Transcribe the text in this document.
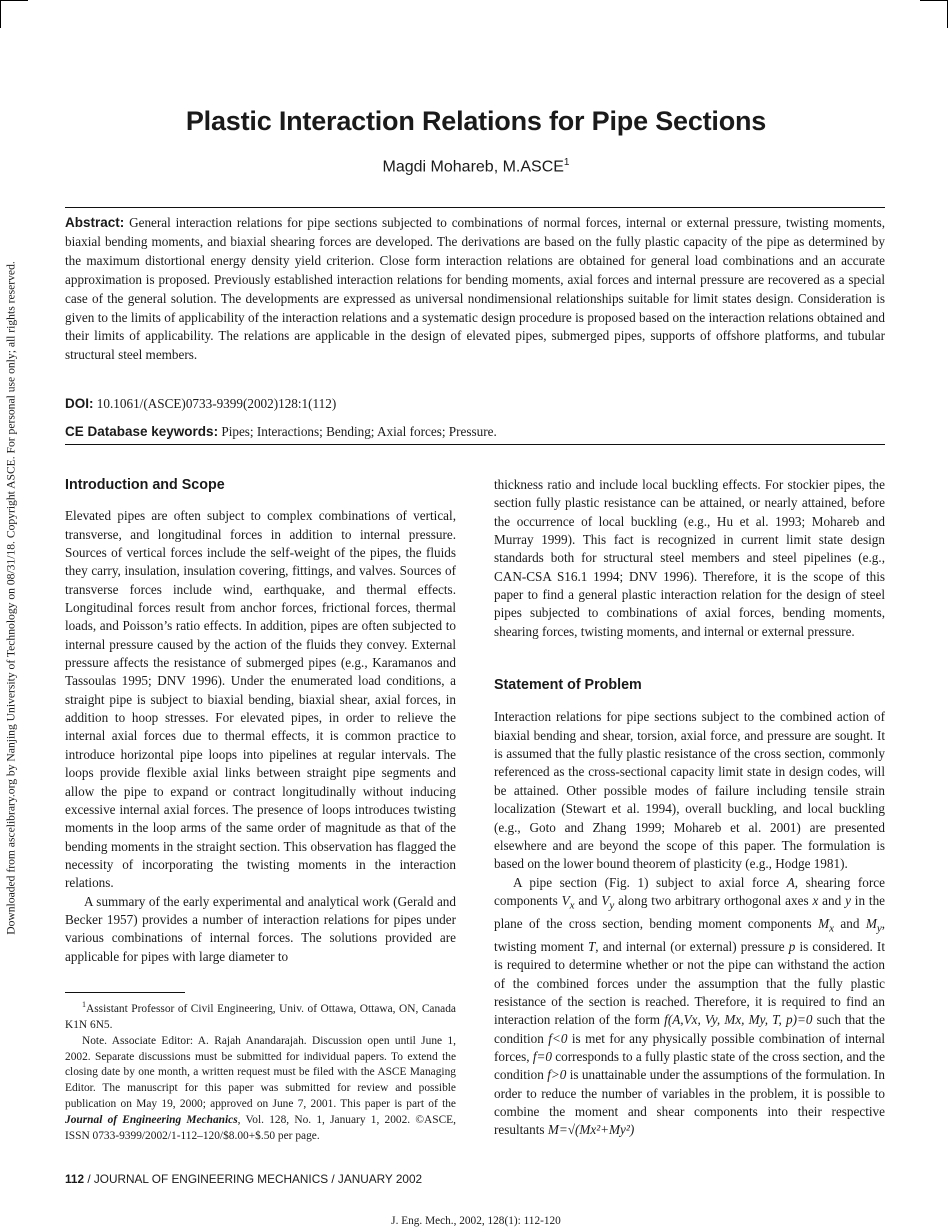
Plastic Interaction Relations for Pipe Sections
Magdi Mohareb, M.ASCE$^1$

Abstract: General interaction relations for pipe sections subjected to combinations of normal forces, internal or external pressure, twisting moments, biaxial bending moments, and biaxial shearing forces are developed. The derivations are based on the fully plastic capacity of the pipe as determined by the maximum distortional energy density yield criterion. Close form interaction relations are obtained for general load combinations and an accurate approximation is proposed. Previously established interaction relations for bending moments, axial forces and internal pressure are recovered as a special case of the general solution. The developments are expressed as universal nondimensional relationships suitable for limit states design. Consideration is given to the limits of applicability of the interaction relations and a systematic design procedure is proposed based on the interaction relations obtained and their limits of applicability. The relations are applicable in the design of elevated pipes, submerged pipes, supports of offshore platforms, and tubular structural steel members.

DOI: 10.1061/(ASCE)0733-9399(2002)128:1(112)

CE Database keywords: Pipes; Interactions; Bending; Axial forces; Pressure.

Downloaded from ascelibrary.org by Nanjing University of Technology on 08/31/18. Copyright ASCE. For personal use only; all rights reserved.	Introduction and Scope

Elevated pipes are often subject to complex combinations of vertical, transverse, and longitudinal forces in addition to internal pressure. Sources of vertical forces include the self-weight of the pipes, the fluids they carry, insulation, insulation covering, fittings, and valves. Sources of transverse forces include wind, earthquake, and thermal effects. Longitudinal forces result from anchor forces, frictional forces, thermal loads, and Poisson’s ratio effects. In addition, pipes are often subjected to internal pressure caused by the action of the fluids they convey. External pressure affects the resistance of submerged pipes (e.g., Karamanos and Tassoulas 1995; DNV 1996). Under the enumerated load conditions, a straight pipe is subject to biaxial bending, biaxial shear, axial forces, in addition to hoop stresses. For elevated pipes, in order to relieve the internal axial forces due to thermal effects, it is common practice to introduce horizontal pipe loops into pipelines at regular intervals. The loops provide flexible axial links between straight pipe segments and allow the pipe to expand or contract longitudinally without inducing excessive internal axial forces. The presence of loops introduces twisting moments in the loop arms of the same order of magnitude as that of the bending moments in the straight section. This observation has flagged the necessity of incorporating the twisting moments in the interaction relations.

A summary of the early experimental and analytical work (Gerald and Becker 1957) provides a number of interaction relations for pipes under various combinations of internal forces. The solutions provided are applicable for pipes with large diameter to

$^1$Assistant Professor of Civil Engineering, Univ. of Ottawa, Ottawa, ON, Canada K1N 6N5.

Note. Associate Editor: A. Rajah Anandarajah. Discussion open until June 1, 2002. Separate discussions must be submitted for individual papers. To extend the closing date by one month, a written request must be filed with the ASCE Managing Editor. The manuscript for this paper was submitted for review and possible publication on May 19, 2000; approved on June 7, 2001. This paper is part of the Journal of Engineering Mechanics, Vol. 128, No. 1, January 1, 2002. ©ASCE, ISSN 0733-9399/2002/1-112–120/$8.00+$.50 per page.

thickness ratio and include local buckling effects. For stockier pipes, the section fully plastic resistance can be attained, or nearly attained, before the occurrence of local buckling (e.g., Hu et al. 1993; Mohareb and Murray 1999). This fact is recognized in current limit state design standards both for structural steel members and steel pipelines (e.g., CAN-CSA S16.1 1994; DNV 1996). Therefore, it is the scope of this paper to find a general plastic interaction relation for the design of steel pipes subjected to combinations of axial forces, bending moments, shearing forces, twisting moments, and internal or external pressure.

Statement of Problem

Interaction relations for pipe sections subject to the combined action of biaxial bending and shear, torsion, axial force, and pressure are sought. It is assumed that the fully plastic resistance of the cross section, commonly referenced as the cross-sectional capacity limit state in design codes, will be attained. Other possible modes of failure including tensile strain localization (Stewart et al. 1994), overall buckling, and local buckling (e.g., Goto and Zhang 1999; Mohareb et al. 2001) are presented elsewhere and are beyond the scope of this paper. The formulation is based on the lower bound theorem of plasticity (e.g., Hodge 1981).

A pipe section (Fig. 1) subject to axial force A, shearing force components $V_x$ and $V_y$ along two arbitrary orthogonal axes x and y in the plane of the cross section, bending moment components $M_x$ and $M_y$, twisting moment T, and internal (or external) pressure p is considered. It is required to determine whether or not the pipe can withstand the action of the combined forces under the assumption that the fully plastic resistance of the section is reached. Therefore, it is required to find an interaction relation of the form f(A,Vx, Vy, Mx, My, T, p)=0 such that the condition f<0 is met for any physically possible combination of internal forces, f=0 corresponds to a fully plastic state of the cross section, and the condition f>0 is unattainable under the assumptions of the formulation. In order to reduce the number of variables in the problem, it is possible to combine the moment and shear components into their respective resultants M=√(Mx²+My²)

112 / JOURNAL OF ENGINEERING MECHANICS / JANUARY 2002
J. Eng. Mech., 2002, 128(1): 112-120
